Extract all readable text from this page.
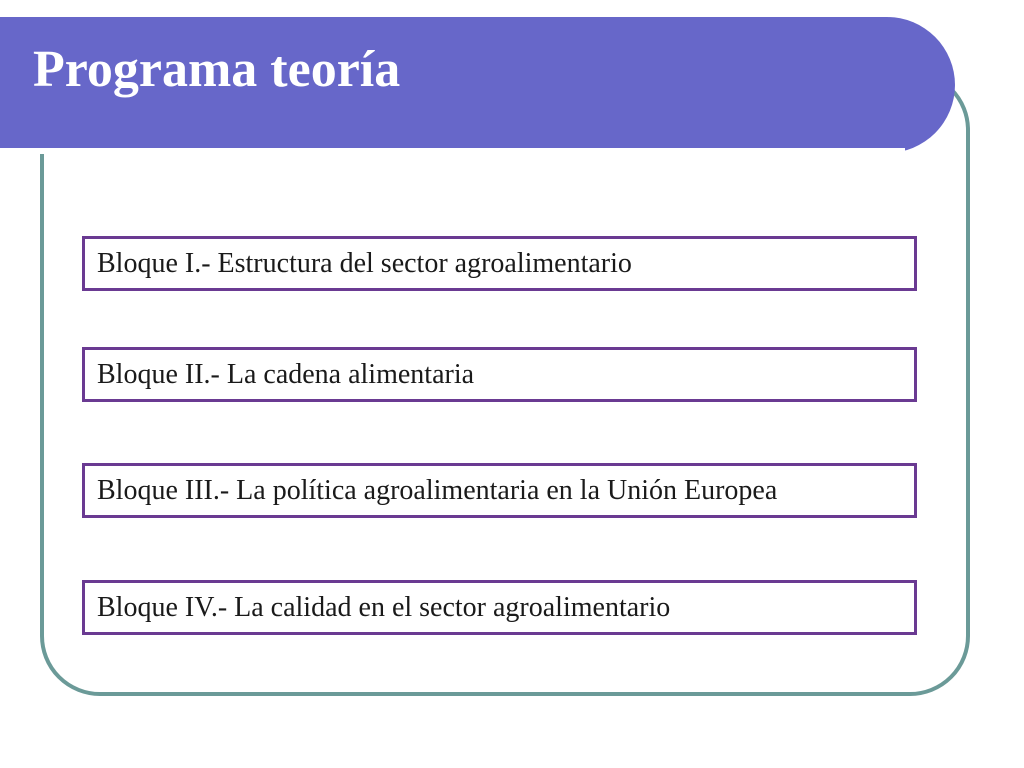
Programa teoría
Bloque I.- Estructura del sector agroalimentario
Bloque II.- La cadena alimentaria
Bloque III.- La política agroalimentaria en la Unión Europea
Bloque IV.- La calidad en el sector agroalimentario
